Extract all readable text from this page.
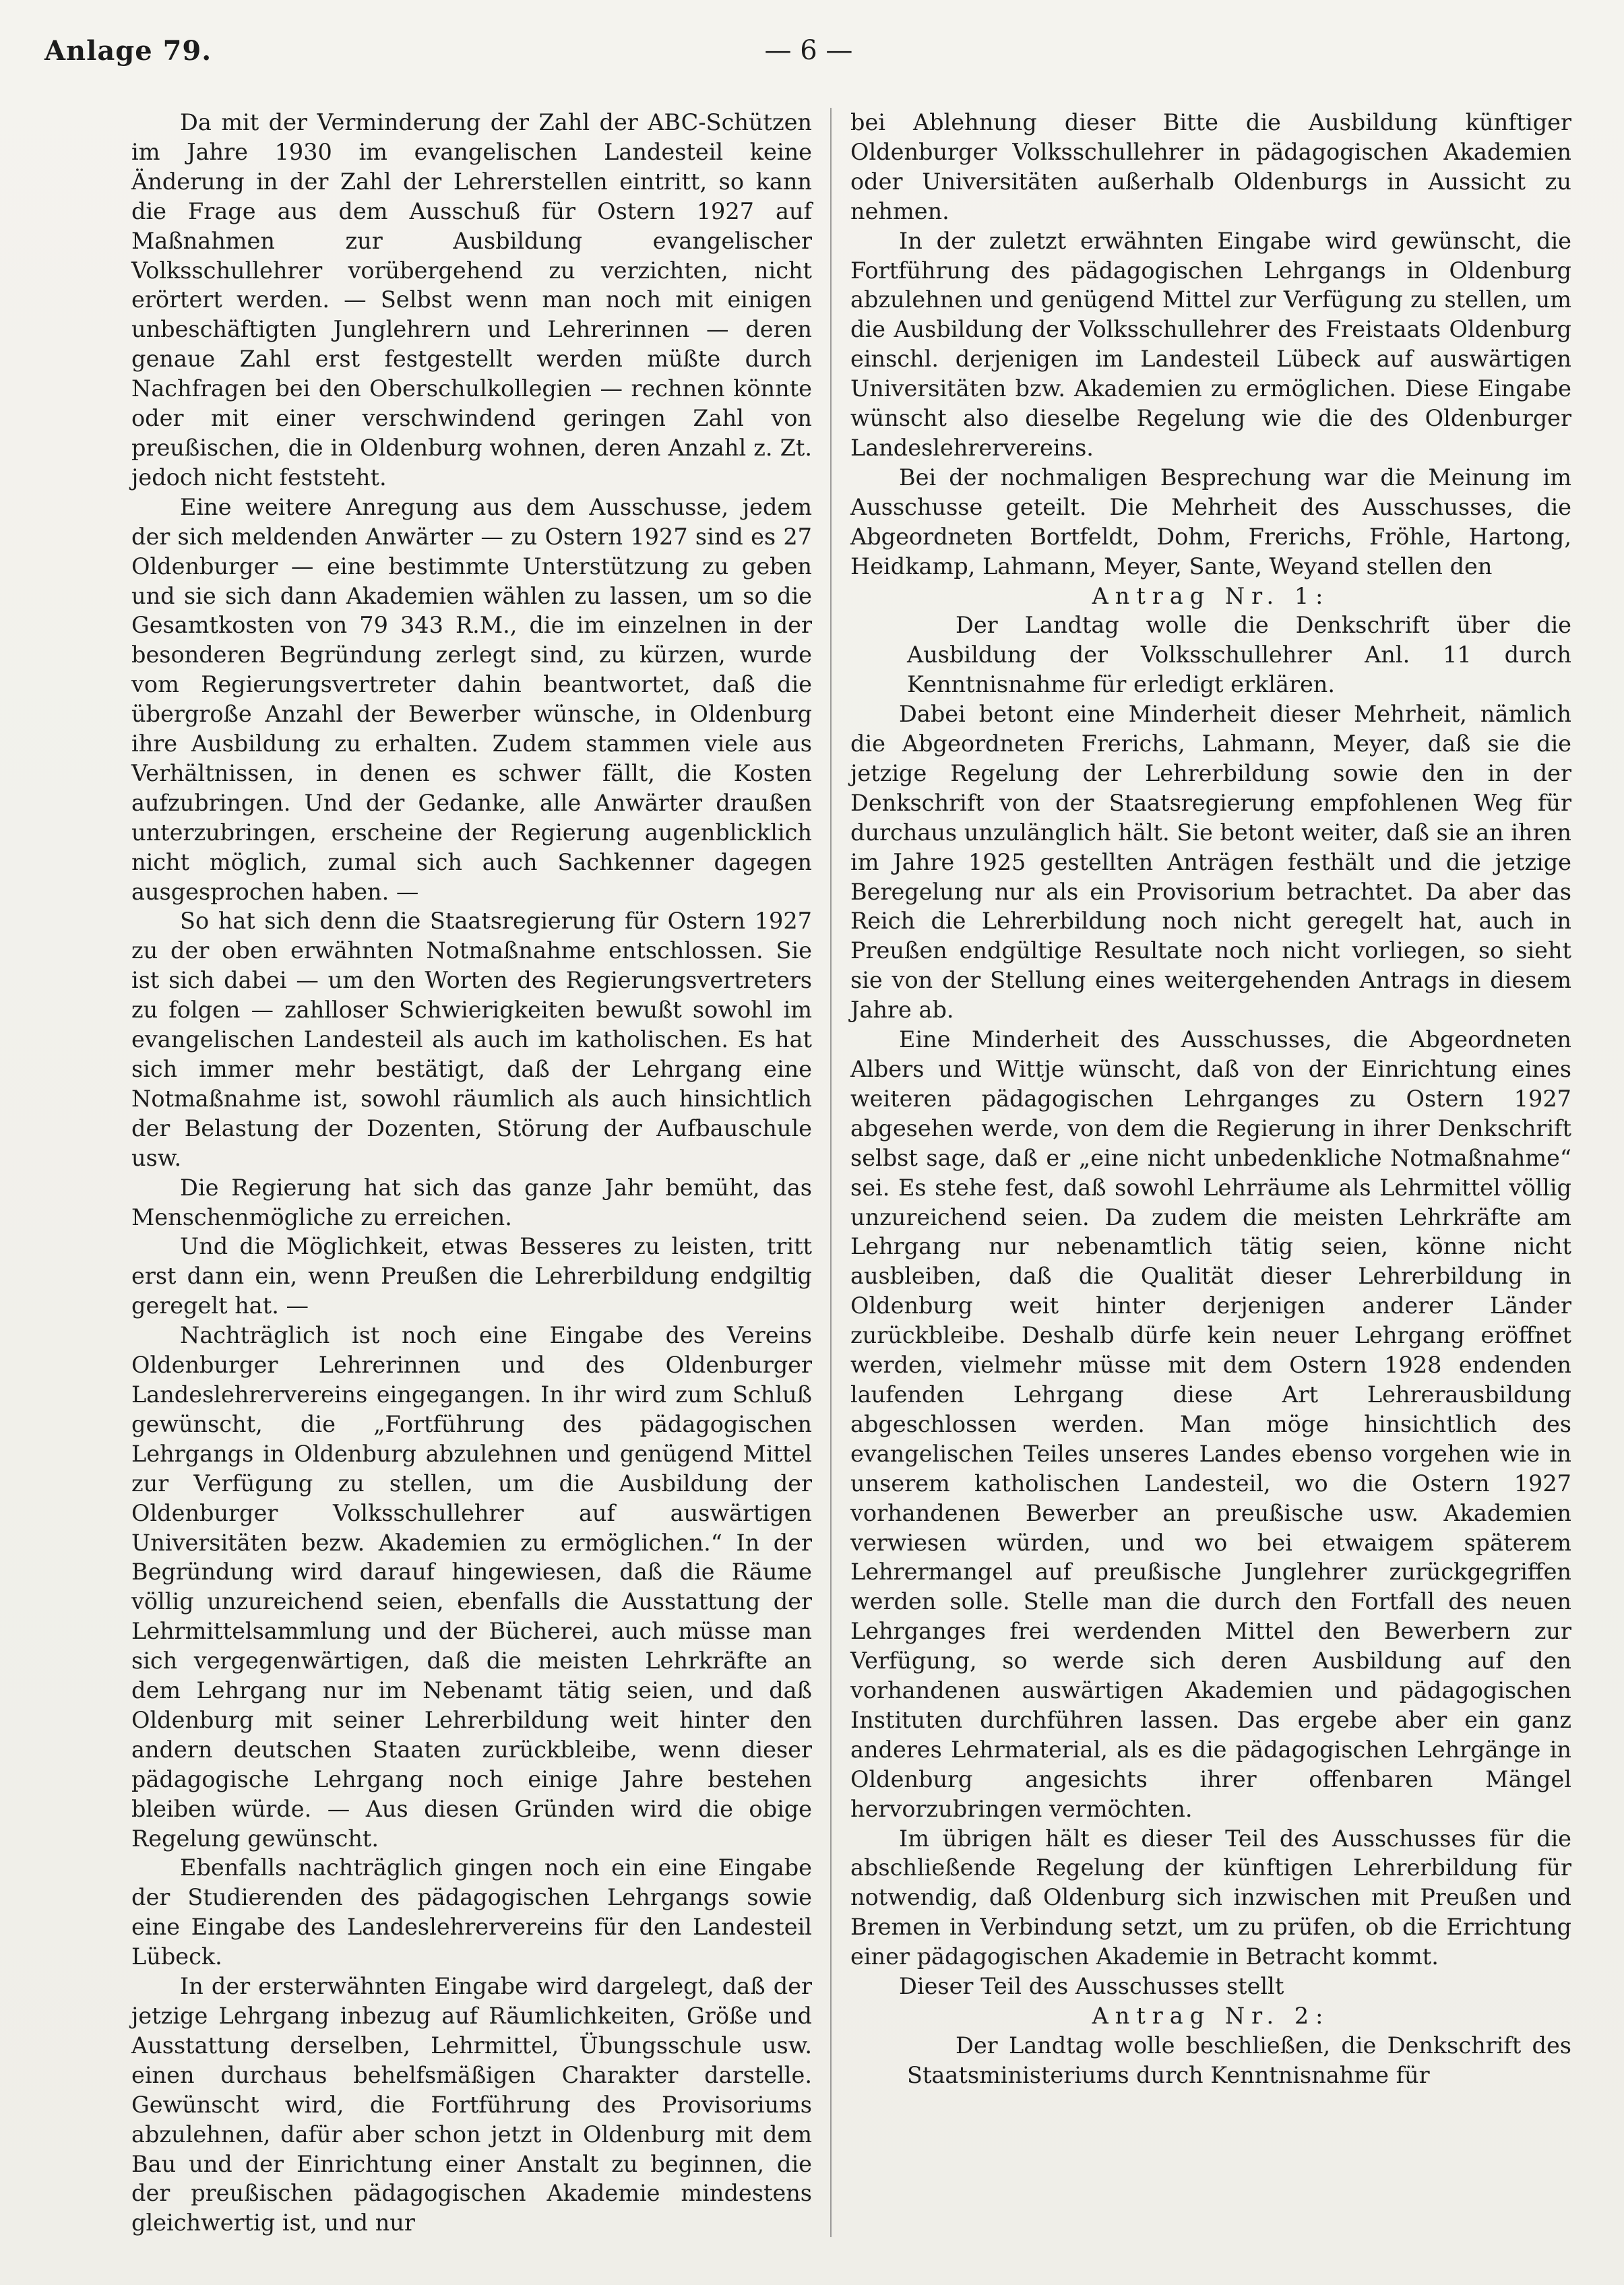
Anlage 79.	— 6 —

Da mit der Verminderung der Zahl der ABC-Schützen im Jahre 1930 im evangelischen Landesteil keine Änderung in der Zahl der Lehrerstellen eintritt, so kann die Frage aus dem Ausschuß für Ostern 1927 auf Maßnahmen zur Ausbildung evangelischer Volksschullehrer vorübergehend zu verzichten, nicht erörtert werden. — Selbst wenn man noch mit einigen unbeschäftigten Junglehrern und Lehrerinnen — deren genaue Zahl erst festgestellt werden müßte durch Nachfragen bei den Oberschulkollegien — rechnen könnte oder mit einer verschwindend geringen Zahl von preußischen, die in Oldenburg wohnen, deren Anzahl z. Zt. jedoch nicht feststeht.

Eine weitere Anregung aus dem Ausschusse, jedem der sich meldenden Anwärter — zu Ostern 1927 sind es 27 Oldenburger — eine bestimmte Unterstützung zu geben und sie sich dann Akademien wählen zu lassen, um so die Gesamtkosten von 79 343 R.M., die im einzelnen in der besonderen Begründung zerlegt sind, zu kürzen, wurde vom Regierungsvertreter dahin beantwortet, daß die übergroße Anzahl der Bewerber wünsche, in Oldenburg ihre Ausbildung zu erhalten. Zudem stammen viele aus Verhältnissen, in denen es schwer fällt, die Kosten aufzubringen. Und der Gedanke, alle Anwärter draußen unterzubringen, erscheine der Regierung augenblicklich nicht möglich, zumal sich auch Sachkenner dagegen ausgesprochen haben. —

So hat sich denn die Staatsregierung für Ostern 1927 zu der oben erwähnten Notmaßnahme entschlossen. Sie ist sich dabei — um den Worten des Regierungsvertreters zu folgen — zahlloser Schwierigkeiten bewußt sowohl im evangelischen Landesteil als auch im katholischen. Es hat sich immer mehr bestätigt, daß der Lehrgang eine Notmaßnahme ist, sowohl räumlich als auch hinsichtlich der Belastung der Dozenten, Störung der Aufbauschule usw.

Die Regierung hat sich das ganze Jahr bemüht, das Menschenmögliche zu erreichen.

Und die Möglichkeit, etwas Besseres zu leisten, tritt erst dann ein, wenn Preußen die Lehrerbildung endgiltig geregelt hat. —

Nachträglich ist noch eine Eingabe des Vereins Oldenburger Lehrerinnen und des Oldenburger Landeslehrervereins eingegangen. In ihr wird zum Schluß gewünscht, die „Fortführung des pädagogischen Lehrgangs in Oldenburg abzulehnen und genügend Mittel zur Verfügung zu stellen, um die Ausbildung der Oldenburger Volksschullehrer auf auswärtigen Universitäten bezw. Akademien zu ermöglichen.“ In der Begründung wird darauf hingewiesen, daß die Räume völlig unzureichend seien, ebenfalls die Ausstattung der Lehrmittelsammlung und der Bücherei, auch müsse man sich vergegenwärtigen, daß die meisten Lehrkräfte an dem Lehrgang nur im Nebenamt tätig seien, und daß Oldenburg mit seiner Lehrerbildung weit hinter den andern deutschen Staaten zurückbleibe, wenn dieser pädagogische Lehrgang noch einige Jahre bestehen bleiben würde. — Aus diesen Gründen wird die obige Regelung gewünscht.

Ebenfalls nachträglich gingen noch ein eine Eingabe der Studierenden des pädagogischen Lehrgangs sowie eine Eingabe des Landeslehrervereins für den Landesteil Lübeck.

In der ersterwähnten Eingabe wird dargelegt, daß der jetzige Lehrgang inbezug auf Räumlichkeiten, Größe und Ausstattung derselben, Lehrmittel, Übungsschule usw. einen durchaus behelfsmäßigen Charakter darstelle. Gewünscht wird, die Fortführung des Provisoriums abzulehnen, dafür aber schon jetzt in Oldenburg mit dem Bau und der Einrichtung einer Anstalt zu beginnen, die der preußischen pädagogischen Akademie mindestens gleichwertig ist, und nur

bei Ablehnung dieser Bitte die Ausbildung künftiger Oldenburger Volksschullehrer in pädagogischen Akademien oder Universitäten außerhalb Oldenburgs in Aussicht zu nehmen.

In der zuletzt erwähnten Eingabe wird gewünscht, die Fortführung des pädagogischen Lehrgangs in Oldenburg abzulehnen und genügend Mittel zur Verfügung zu stellen, um die Ausbildung der Volksschullehrer des Freistaats Oldenburg einschl. derjenigen im Landesteil Lübeck auf auswärtigen Universitäten bzw. Akademien zu ermöglichen. Diese Eingabe wünscht also dieselbe Regelung wie die des Oldenburger Landeslehrervereins.

Bei der nochmaligen Besprechung war die Meinung im Ausschusse geteilt. Die Mehrheit des Ausschusses, die Abgeordneten Bortfeldt, Dohm, Frerichs, Fröhle, Hartong, Heidkamp, Lahmann, Meyer, Sante, Weyand stellen den

Antrag Nr. 1:

Der Landtag wolle die Denkschrift über die Ausbildung der Volksschullehrer Anl. 11 durch Kenntnisnahme für erledigt erklären.

Dabei betont eine Minderheit dieser Mehrheit, nämlich die Abgeordneten Frerichs, Lahmann, Meyer, daß sie die jetzige Regelung der Lehrerbildung sowie den in der Denkschrift von der Staatsregierung empfohlenen Weg für durchaus unzulänglich hält. Sie betont weiter, daß sie an ihren im Jahre 1925 gestellten Anträgen festhält und die jetzige Beregelung nur als ein Provisorium betrachtet. Da aber das Reich die Lehrerbildung noch nicht geregelt hat, auch in Preußen endgültige Resultate noch nicht vorliegen, so sieht sie von der Stellung eines weitergehenden Antrags in diesem Jahre ab.

Eine Minderheit des Ausschusses, die Abgeordneten Albers und Wittje wünscht, daß von der Einrichtung eines weiteren pädagogischen Lehrganges zu Ostern 1927 abgesehen werde, von dem die Regierung in ihrer Denkschrift selbst sage, daß er „eine nicht unbedenkliche Notmaßnahme“ sei. Es stehe fest, daß sowohl Lehrräume als Lehrmittel völlig unzureichend seien. Da zudem die meisten Lehrkräfte am Lehrgang nur nebenamtlich tätig seien, könne nicht ausbleiben, daß die Qualität dieser Lehrerbildung in Oldenburg weit hinter derjenigen anderer Länder zurückbleibe. Deshalb dürfe kein neuer Lehrgang eröffnet werden, vielmehr müsse mit dem Ostern 1928 endenden laufenden Lehrgang diese Art Lehrerausbildung abgeschlossen werden. Man möge hinsichtlich des evangelischen Teiles unseres Landes ebenso vorgehen wie in unserem katholischen Landesteil, wo die Ostern 1927 vorhandenen Bewerber an preußische usw. Akademien verwiesen würden, und wo bei etwaigem späterem Lehrermangel auf preußische Junglehrer zurückgegriffen werden solle. Stelle man die durch den Fortfall des neuen Lehrganges frei werdenden Mittel den Bewerbern zur Verfügung, so werde sich deren Ausbildung auf den vorhandenen auswärtigen Akademien und pädagogischen Instituten durchführen lassen. Das ergebe aber ein ganz anderes Lehrmaterial, als es die pädagogischen Lehrgänge in Oldenburg angesichts ihrer offenbaren Mängel hervorzubringen vermöchten.

Im übrigen hält es dieser Teil des Ausschusses für die abschließende Regelung der künftigen Lehrerbildung für notwendig, daß Oldenburg sich inzwischen mit Preußen und Bremen in Verbindung setzt, um zu prüfen, ob die Errichtung einer pädagogischen Akademie in Betracht kommt.

Dieser Teil des Ausschusses stellt

Antrag Nr. 2:

Der Landtag wolle beschließen, die Denkschrift des Staatsministeriums durch Kenntnisnahme für
